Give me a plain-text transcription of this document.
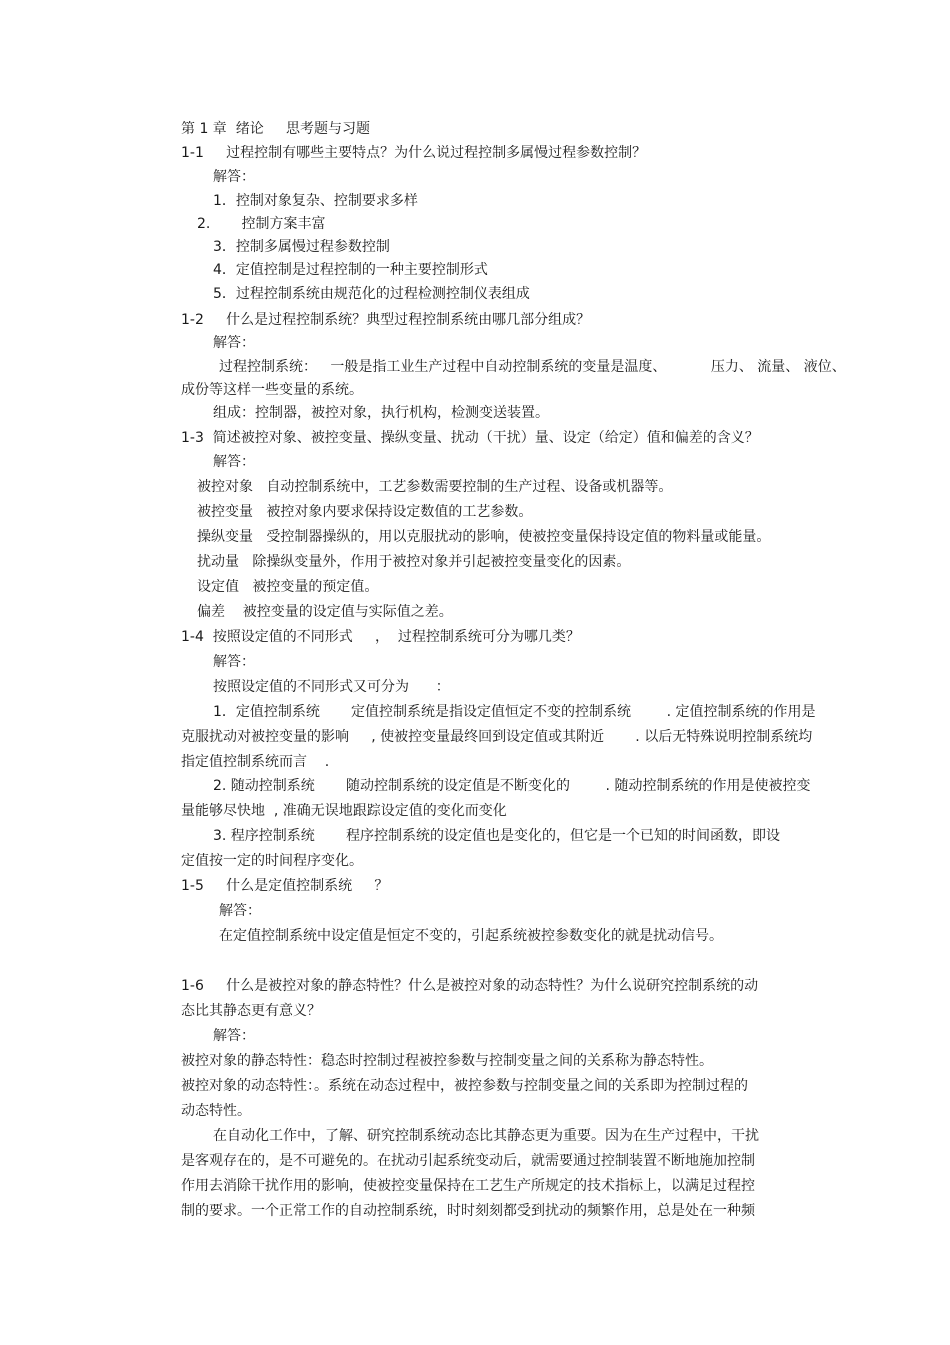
第 1 章  绪论     思考题与习题
1-1     过程控制有哪些主要特点？为什么说过程控制多属慢过程参数控制？
解答：
1．控制对象复杂、控制要求多样
2.       控制方案丰富
3．控制多属慢过程参数控制
4．定值控制是过程控制的一种主要控制形式
5．过程控制系统由规范化的过程检测控制仪表组成
1-2     什么是过程控制系统？典型过程控制系统由哪几部分组成？
解答：
过程控制系统：   一般是指工业生产过程中自动控制系统的变量是温度、          压力、 流量、 液位、
成份等这样一些变量的系统。
组成：控制器，被控对象，执行机构，检测变送装置。
1-3  简述被控对象、被控变量、操纵变量、扰动（干扰）量、设定（给定）值和偏差的含义？
解答：
被控对象   自动控制系统中，工艺参数需要控制的生产过程、设备或机器等。
被控变量   被控对象内要求保持设定数值的工艺参数。
操纵变量   受控制器操纵的，用以克服扰动的影响，使被控变量保持设定值的物料量或能量。
扰动量   除操纵变量外，作用于被控对象并引起被控变量变化的因素。
设定值   被控变量的预定值。
偏差    被控变量的设定值与实际值之差。
1-4  按照设定值的不同形式     ，  过程控制系统可分为哪几类？
解答：
按照设定值的不同形式又可分为      ：
1．定值控制系统       定值控制系统是指设定值恒定不变的控制系统        . 定值控制系统的作用是
克服扰动对被控变量的影响     , 使被控变量最终回到设定值或其附近       . 以后无特殊说明控制系统均
指定值控制系统而言    .
2. 随动控制系统       随动控制系统的设定值是不断变化的        . 随动控制系统的作用是使被控变
量能够尽快地  , 准确无误地跟踪设定值的变化而变化
3. 程序控制系统       程序控制系统的设定值也是变化的，但它是一个已知的时间函数，即设
定值按一定的时间程序变化。
1-5     什么是定值控制系统     ？
解答：
在定值控制系统中设定值是恒定不变的，引起系统被控参数变化的就是扰动信号。
1-6     什么是被控对象的静态特性？什么是被控对象的动态特性？为什么说研究控制系统的动
态比其静态更有意义？
解答：
被控对象的静态特性：稳态时控制过程被控参数与控制变量之间的关系称为静态特性。
被控对象的动态特性：。系统在动态过程中，被控参数与控制变量之间的关系即为控制过程的
动态特性。
在自动化工作中，了解、研究控制系统动态比其静态更为重要。因为在生产过程中，干扰
是客观存在的，是不可避免的。在扰动引起系统变动后，就需要通过控制装置不断地施加控制
作用去消除干扰作用的影响，使被控变量保持在工艺生产所规定的技术指标上，以满足过程控
制的要求。一个正常工作的自动控制系统，时时刻刻都受到扰动的频繁作用，总是处在一种频
